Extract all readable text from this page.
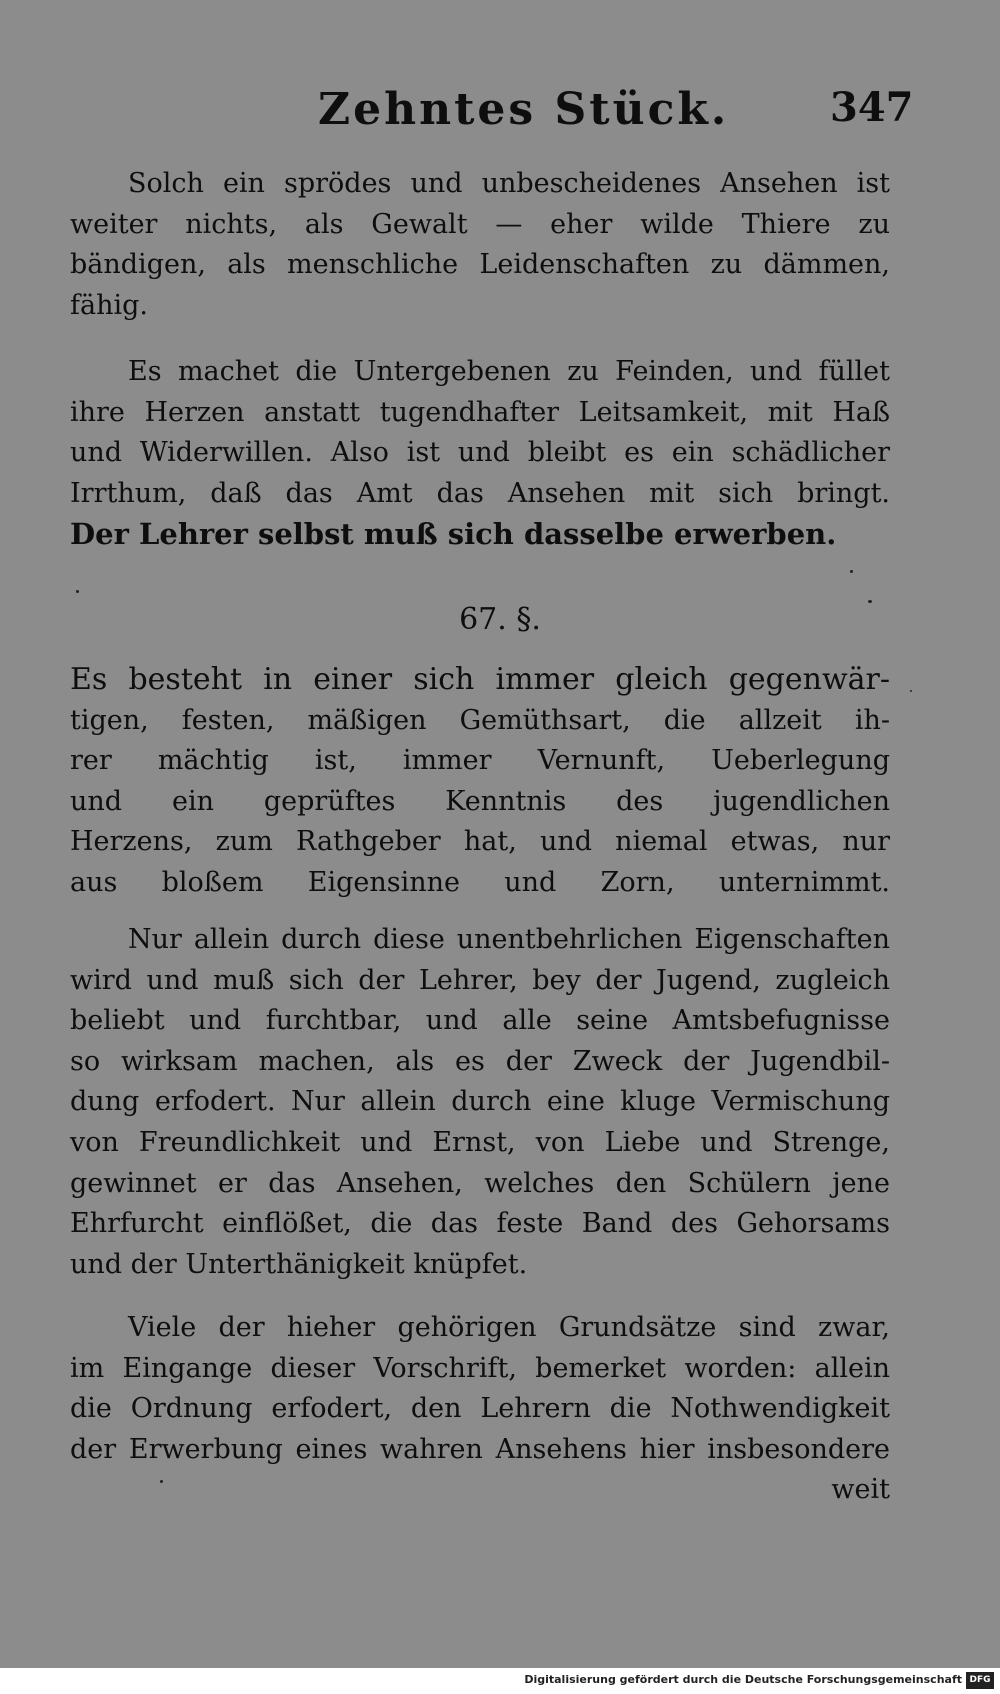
Zehntes Stück.	347
Solch ein sprödes und unbescheidenes Ansehen ist
weiter nichts, als Gewalt — eher wilde Thiere zu
bändigen, als menschliche Leidenschaften zu dämmen,
fähig.
Es machet die Untergebenen zu Feinden, und füllet
ihre Herzen anstatt tugendhafter Leitsamkeit, mit Haß
und Widerwillen. Also ist und bleibt es ein schädlicher
Irrthum, daß das Amt das Ansehen mit sich bringt.
Der Lehrer selbst muß sich dasselbe erwerben.
67. §.
Es besteht in einer sich immer gleich gegenwär-
tigen, festen, mäßigen Gemüthsart, die allzeit ih-
rer mächtig ist, immer Vernunft, Ueberlegung
und ein geprüftes Kenntnis des jugendlichen
Herzens, zum Rathgeber hat, und niemal etwas, nur
aus bloßem Eigensinne und Zorn, unternimmt.
Nur allein durch diese unentbehrlichen Eigenschaften
wird und muß sich der Lehrer, bey der Jugend, zugleich
beliebt und furchtbar, und alle seine Amtsbefugnisse
so wirksam machen, als es der Zweck der Jugendbil-
dung erfodert. Nur allein durch eine kluge Vermischung
von Freundlichkeit und Ernst, von Liebe und Strenge,
gewinnet er das Ansehen, welches den Schülern jene
Ehrfurcht einflößet, die das feste Band des Gehorsams
und der Unterthänigkeit knüpfet.
Viele der hieher gehörigen Grundsätze sind zwar,
im Eingange dieser Vorschrift, bemerket worden: allein
die Ordnung erfodert, den Lehrern die Nothwendigkeit
der Erwerbung eines wahren Ansehens hier insbesondere
weit
Digitalisierung gefördert durch die Deutsche Forschungsgemeinschaft DFG
